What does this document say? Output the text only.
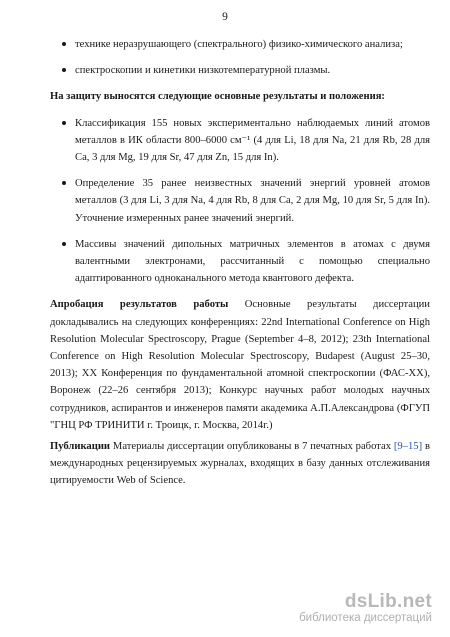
9
технике неразрушающего (спектрального) физико-химического анализа;
спектроскопии и кинетики низкотемпературной плазмы.
На защиту выносятся следующие основные результаты и положения:
Классификация 155 новых экспериментально наблюдаемых линий атомов металлов в ИК области 800–6000 см⁻¹ (4 для Li, 18 для Na, 21 для Rb, 28 для Ca, 3 для Mg, 19 для Sr, 47 для Zn, 15 для In).
Определение 35 ранее неизвестных значений энергий уровней атомов металлов (3 для Li, 3 для Na, 4 для Rb, 8 для Ca, 2 для Mg, 10 для Sr, 5 для In). Уточнение измеренных ранее значений энергий.
Массивы значений дипольных матричных элементов в атомах с двумя валентными электронами, рассчитанный с помощью специально адаптированного одноканального метода квантового дефекта.

Апробация результатов работы Основные результаты диссертации докладывались на следующих конференциях: 22nd International Conference on High Resolution Molecular Spectroscopy, Prague (September 4–8, 2012); 23th International Conference on High Resolution Molecular Spectroscopy, Budapest (August 25–30, 2013); XX Конференция по фундаментальной атомной спектроскопии (ФАС-XX), Воронеж (22–26 сентября 2013); Конкурс научных работ молодых научных сотрудников, аспирантов и инженеров памяти академика А.П.Александрова (ФГУП "ГНЦ РФ ТРИНИТИ г. Троицк, г. Москва, 2014г.)

Публикации Материалы диссертации опубликованы в 7 печатных работах [9–15] в международных рецензируемых журналах, входящих в базу данных отслеживания цитируемости Web of Science.

dsLib.net
библиотека диссертаций
